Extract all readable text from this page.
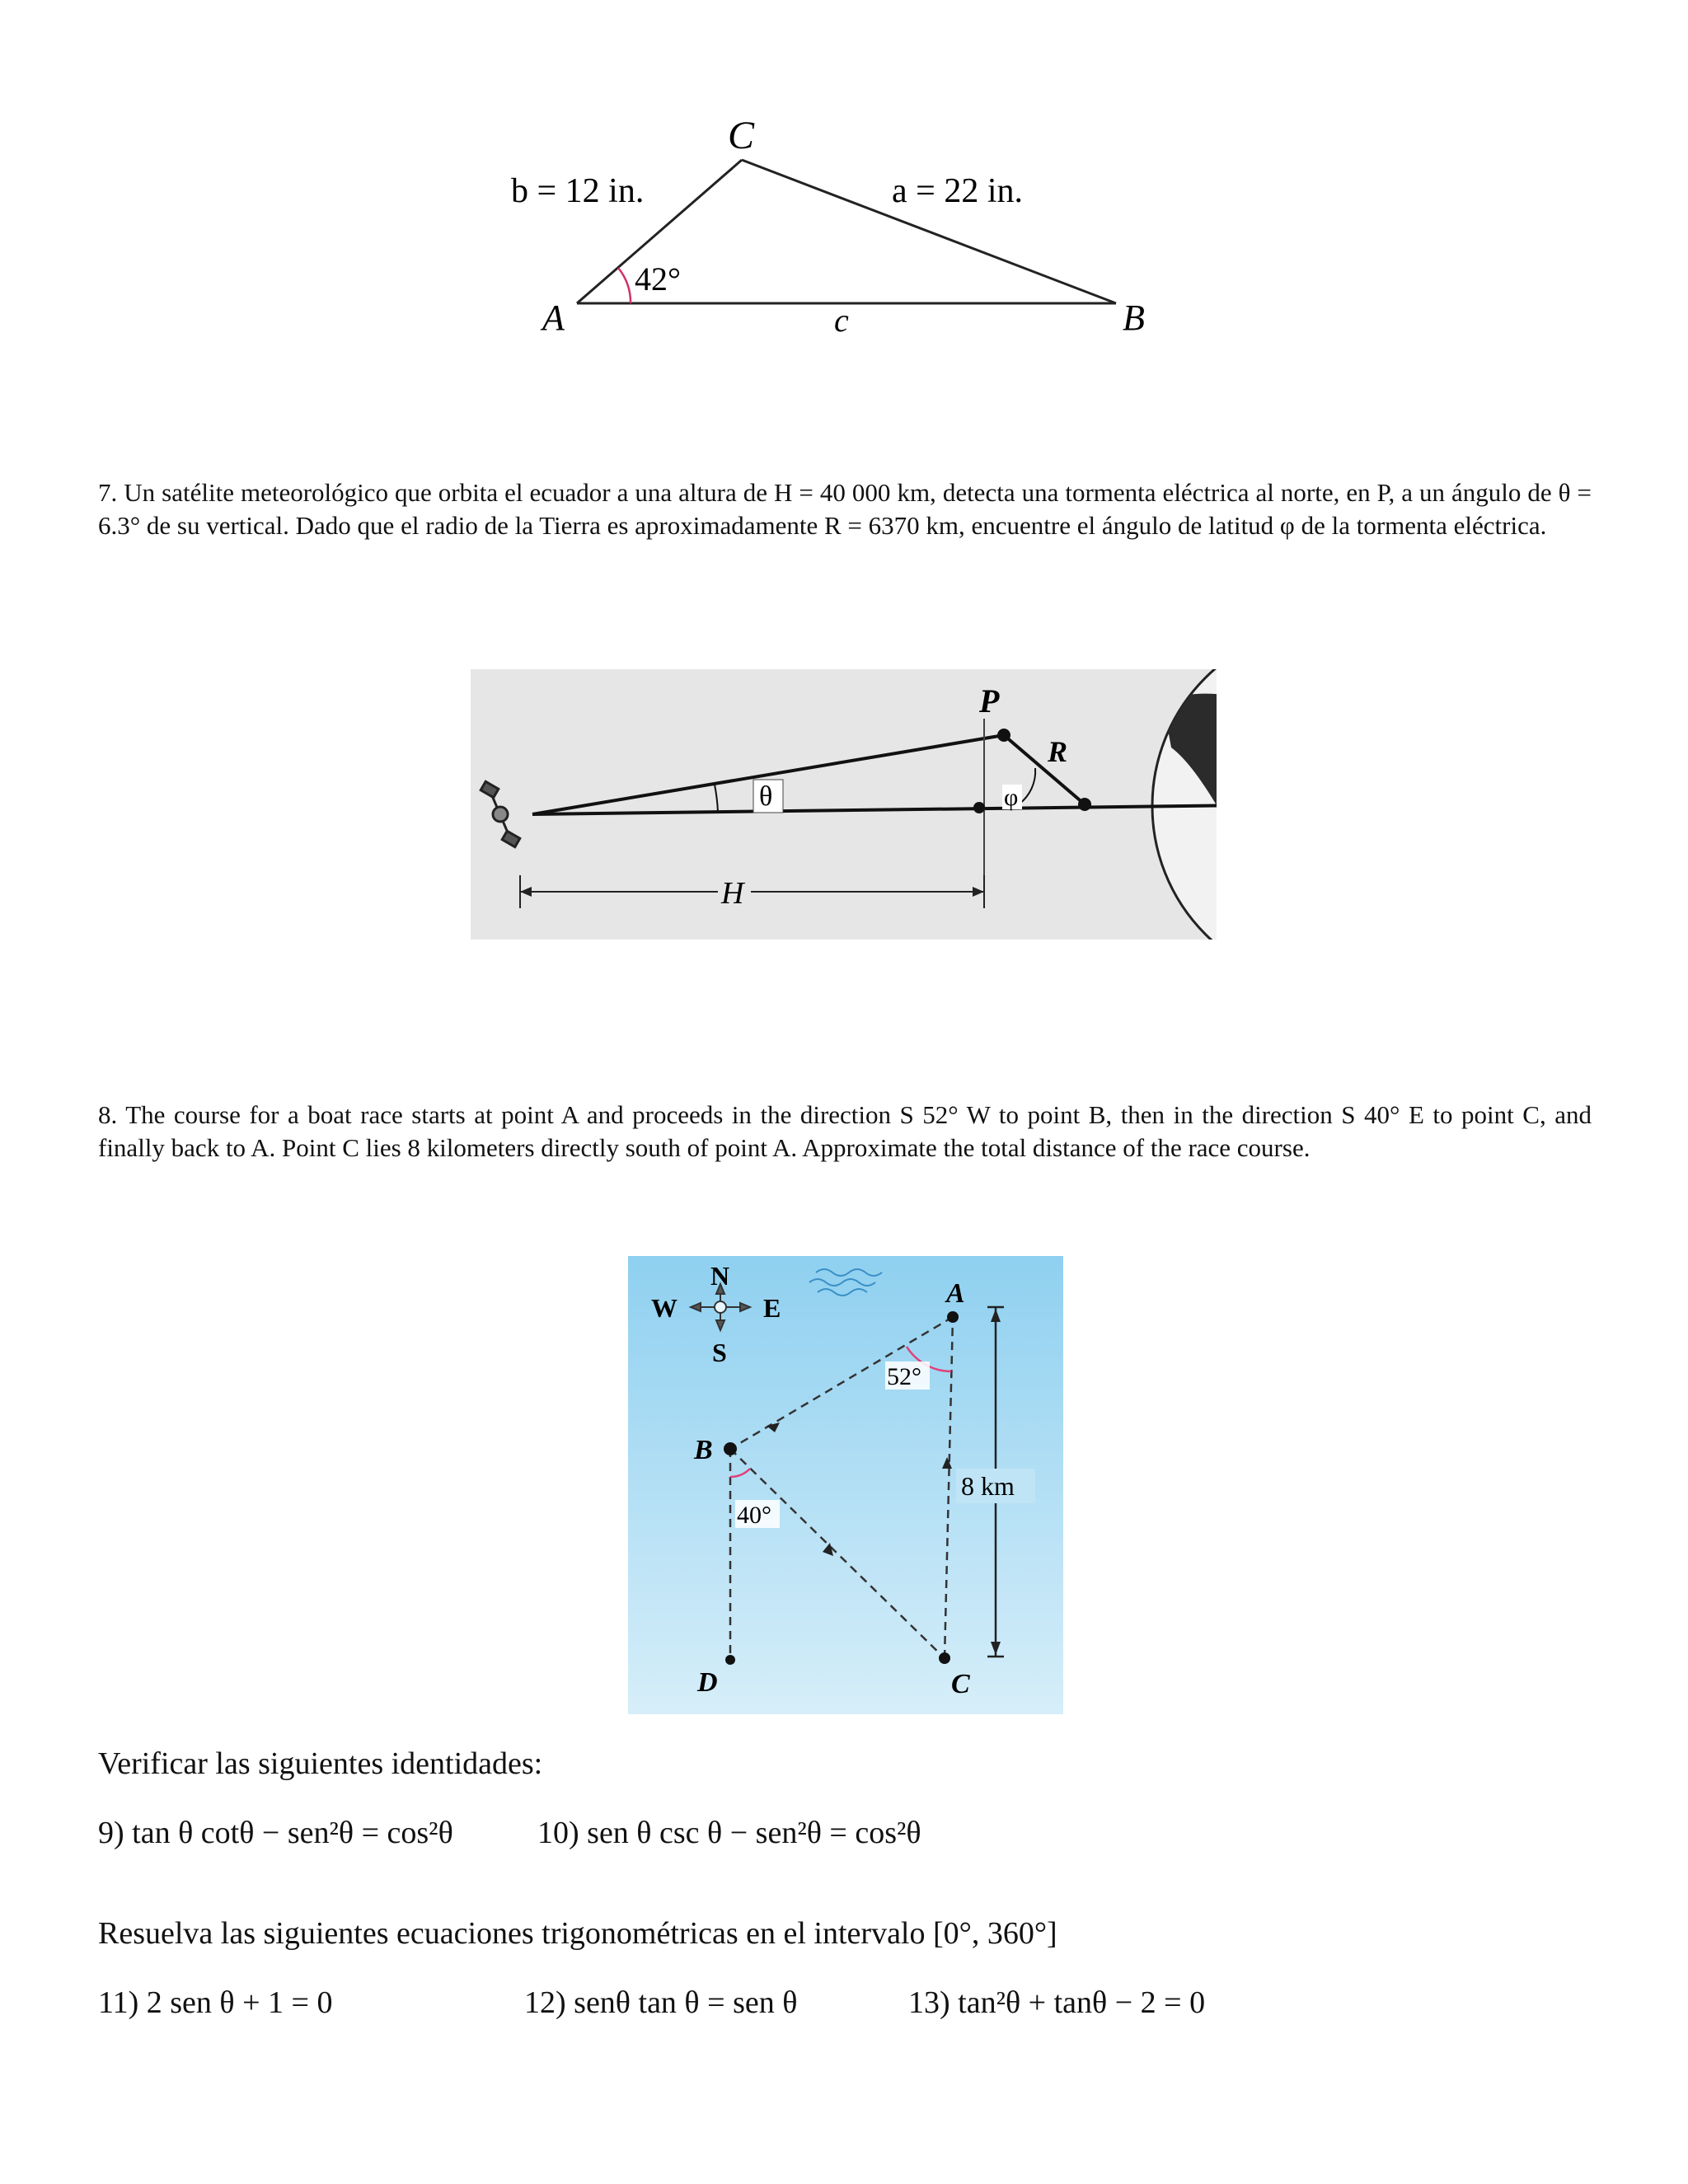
C
A	B
b = 12 in.	a = 22 in.
c
42°
7. Un satélite meteorológico que orbita el ecuador a una altura de H = 40 000 km, detecta una tormenta eléctrica al norte, en P, a un ángulo de θ = 6.3° de su vertical. Dado que el radio de la Tierra es aproximadamente R = 6370 km, encuentre el ángulo de latitud φ de la tormenta eléctrica.
H
P
R
θ	φ
8. The course for a boat race starts at point A and proceeds in the direction S 52° W to point B, then in the direction S 40° E to point C, and finally back to A. Point C lies 8 kilometers directly south of point A. Approximate the total distance of the race course.
N
S
W	E
8 km
A
B
C
D
52°
40°
Verificar las siguientes identidades:
9) tan θ cotθ − sen²θ = cos²θ	10) sen θ csc θ − sen²θ = cos²θ
Resuelva las siguientes ecuaciones trigonométricas en el intervalo [0°, 360°]
11) 2 sen θ + 1 = 0	12) senθ tan θ = sen θ	13) tan²θ + tanθ − 2 = 0
